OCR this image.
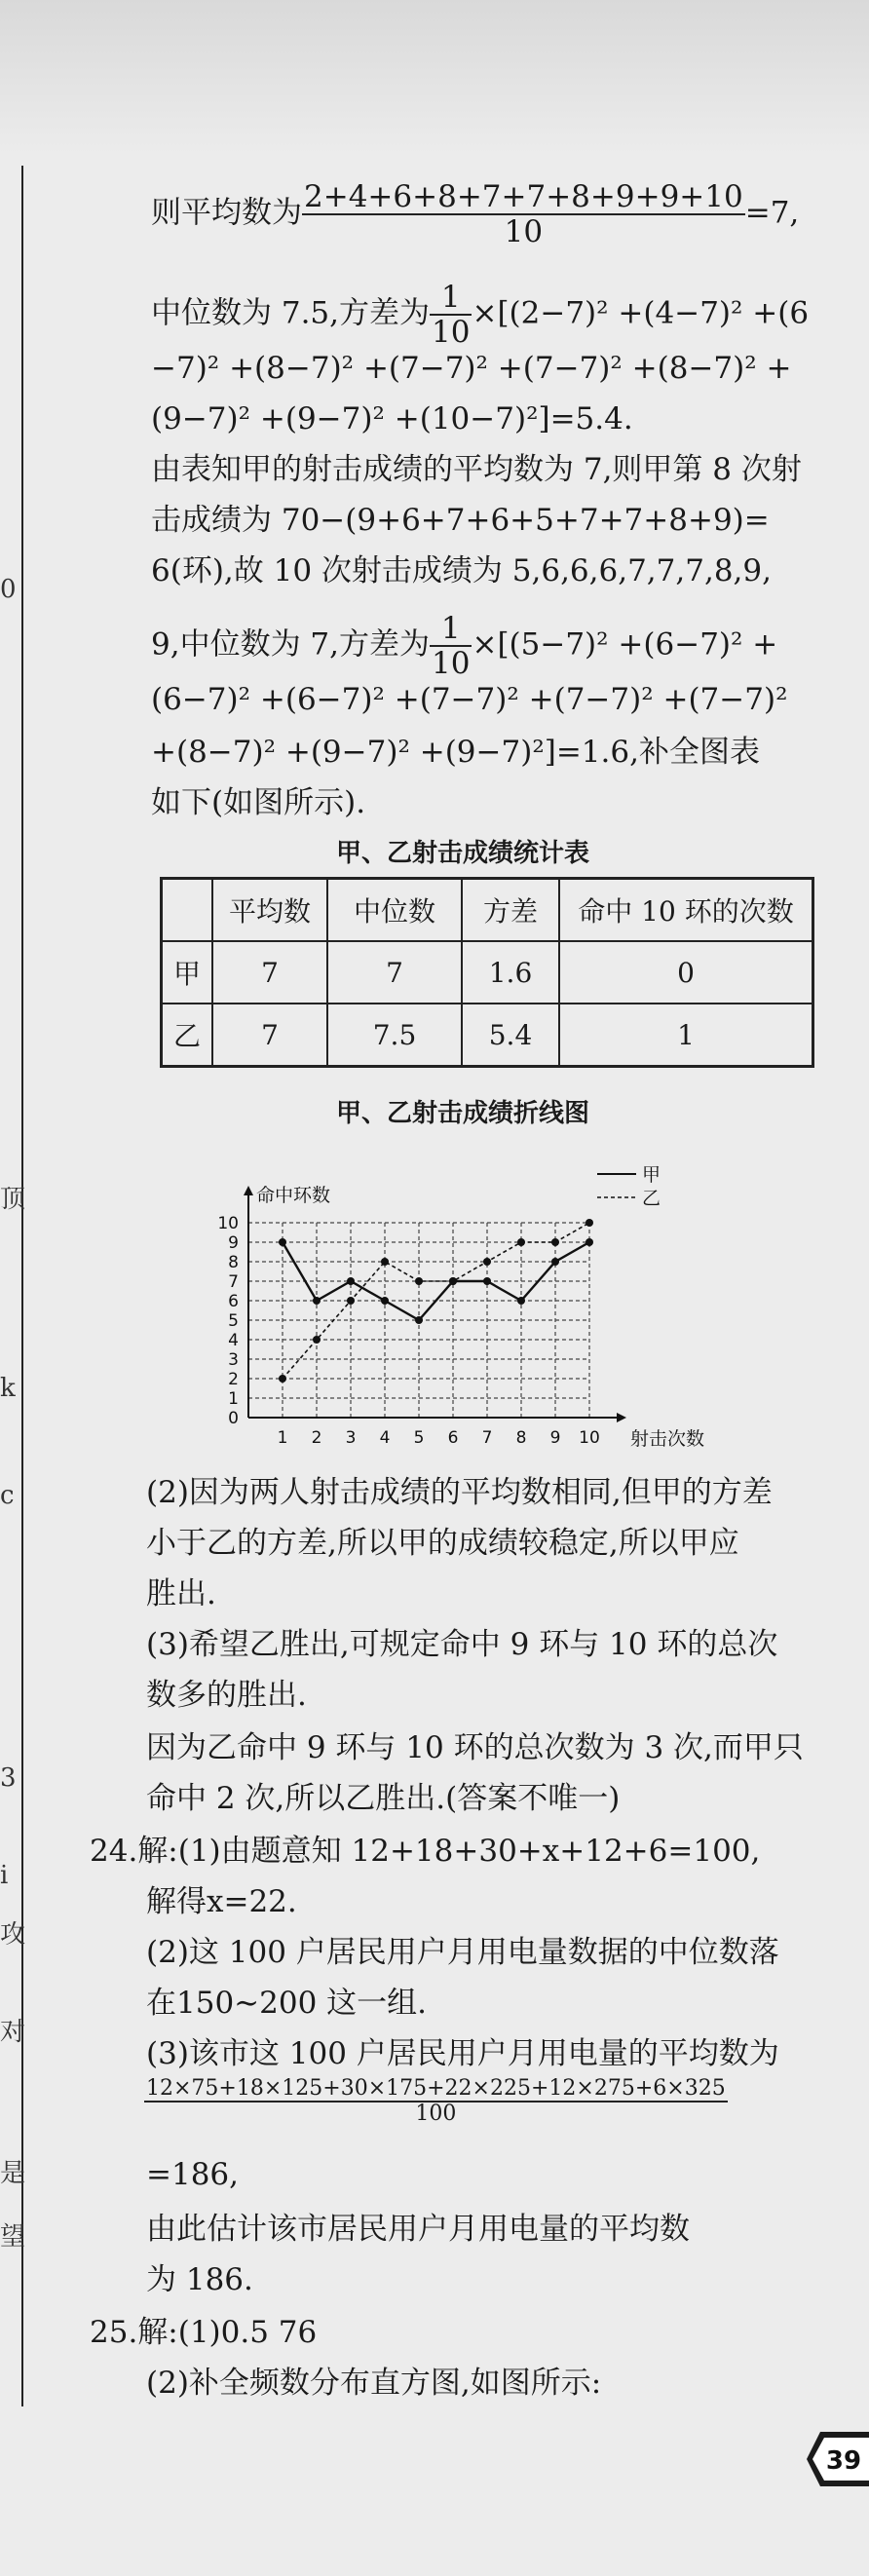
0
顶
k
c
3
i
攻
对
是
望
则平均数为 $\frac{2+4+6+8+7+7+8+9+9+10}{10} =7$,
中位数为 7.5,方差为 $\frac{1}{10} \times[(2-7)^2 +(4-7)^2 +(6$
−7)² +(8−7)² +(7−7)² +(7−7)² +(8−7)² +
(9−7)² +(9−7)² +(10−7)²]=5.4.
由表知甲的射击成绩的平均数为 7,则甲第 8 次射
击成绩为 70−(9+6+7+6+5+7+7+8+9)=
6(环),故 10 次射击成绩为 5,6,6,6,7,7,7,8,9,
9,中位数为 7,方差为 $\frac{1}{10} \times[(5-7)^2 +(6-7)^2$ +
(6−7)² +(6−7)² +(7−7)² +(7−7)² +(7−7)²
+(8−7)² +(9−7)² +(9−7)²]=1.6,补全图表
如下(如图所示).
甲、乙射击成绩统计表
	平均数	中位数	方差	命中 10 环的次数
甲	7	7	1.6	0
乙	7	7.5	5.4	1
甲、乙射击成绩折线图
0
1
2
3
4
5
6
7
8
9
10
1 2 3 4 5 6 7 8 9 10
命中环数
射击次数
甲
乙
(2)因为两人射击成绩的平均数相同,但甲的方差
小于乙的方差,所以甲的成绩较稳定,所以甲应
胜出.
(3)希望乙胜出,可规定命中 9 环与 10 环的总次
数多的胜出.
因为乙命中 9 环与 10 环的总次数为 3 次,而甲只
命中 2 次,所以乙胜出.(答案不唯一)
24.解:(1)由题意知 12+18+30+x+12+6=100,
解得x=22.
(2)这 100 户居民用户月用电量数据的中位数落
在150∼200 这一组.
(3)该市这 100 户居民用户月用电量的平均数为
$\frac{12\times 75+18\times 125+30\times 175+22\times 225+12\times 275+6\times 325}{100}$
=186,
由此估计该市居民用户月用电量的平均数
为 186.
25.解:(1)0.5 76
(2)补全频数分布直方图,如图所示:
39
